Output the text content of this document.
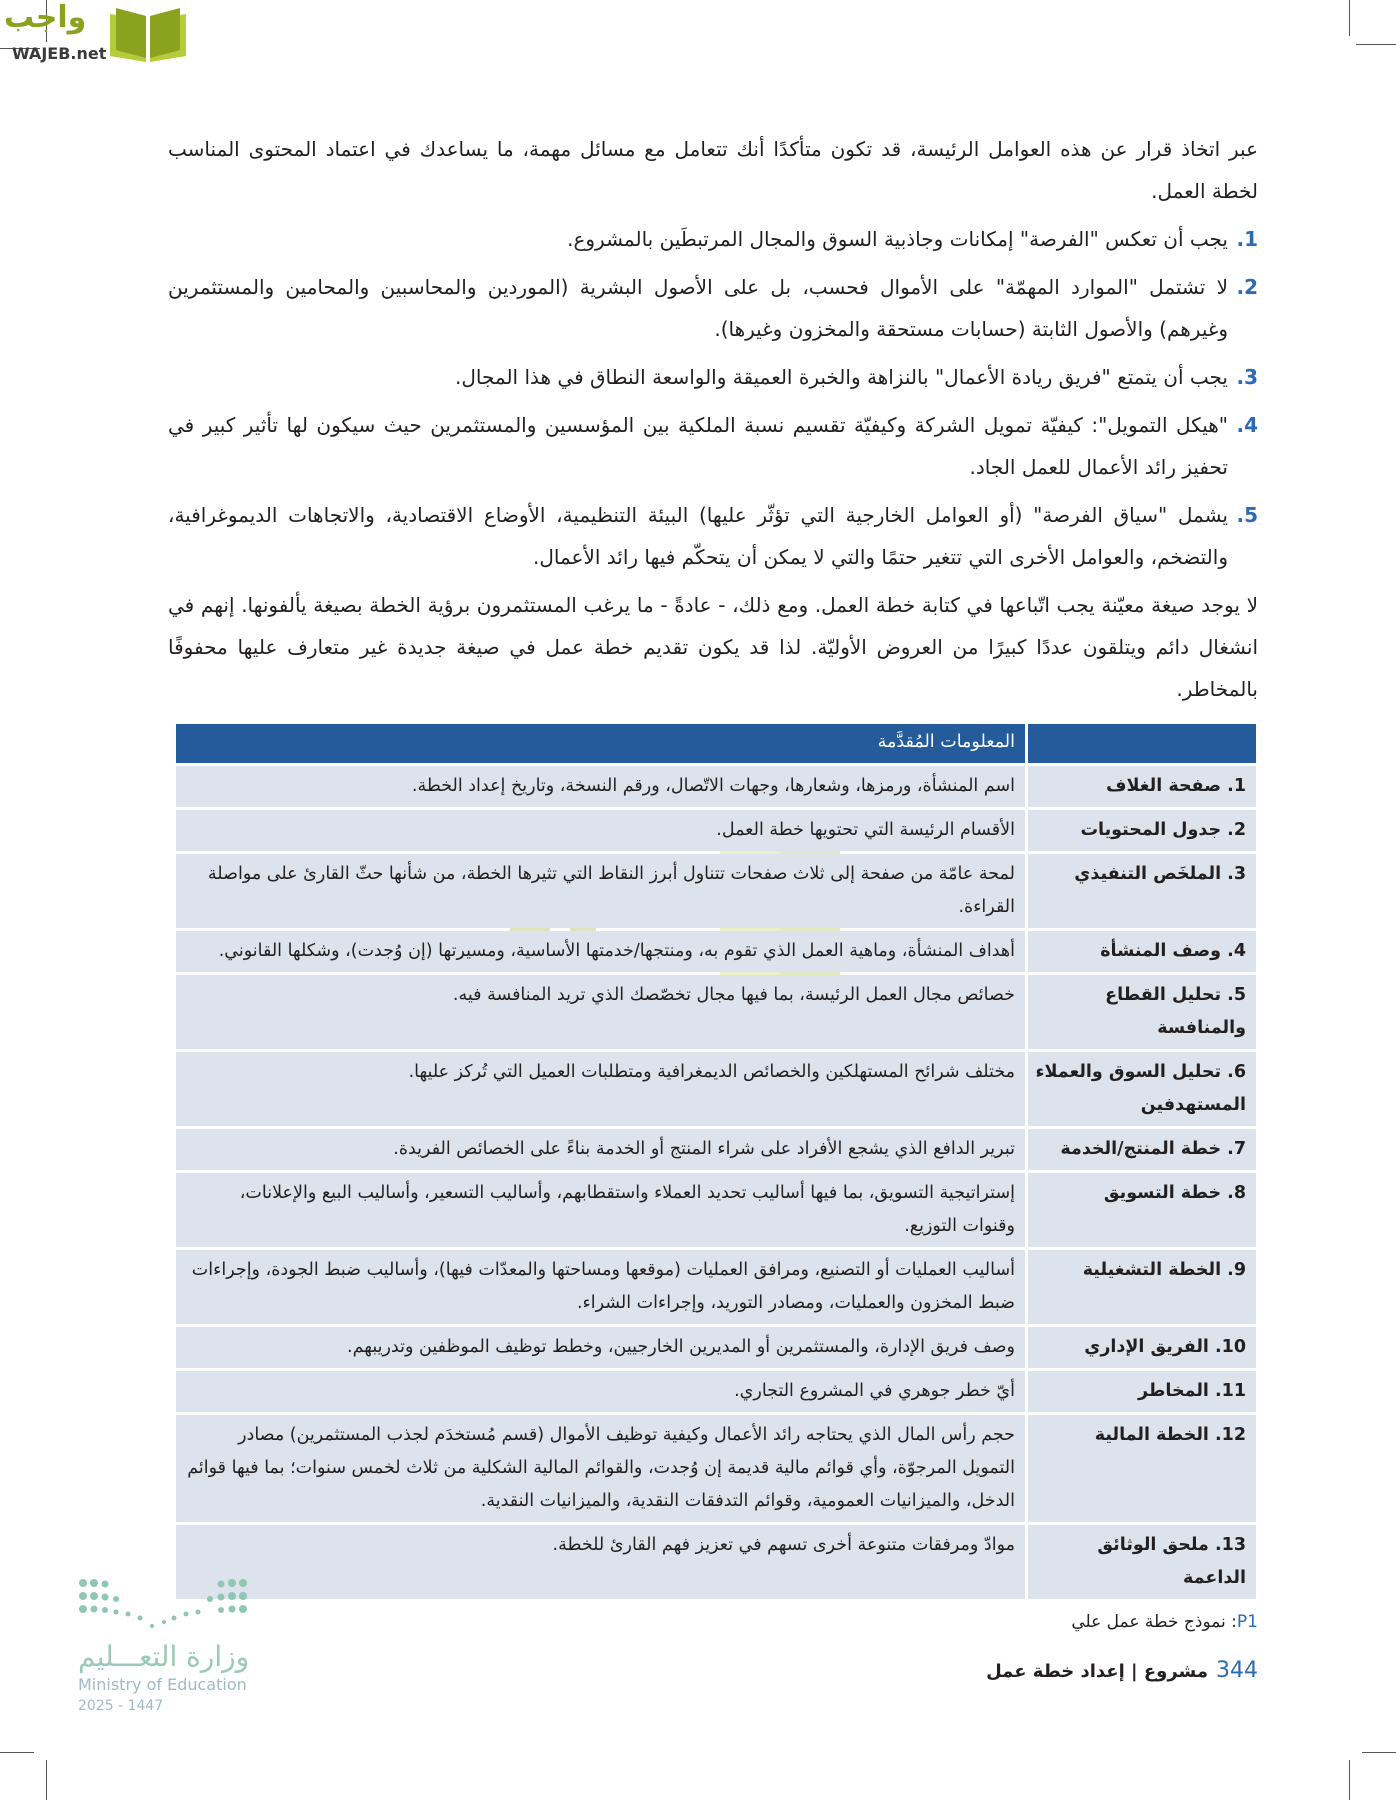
واجب
WAJEB.net

عبر اتخاذ قرار عن هذه العوامل الرئيسة، قد تكون متأكدًا أنك تتعامل مع مسائل مهمة، ما يساعدك في اعتماد المحتوى المناسب لخطة العمل.

1.
يجب أن تعكس "الفرصة" إمكانات وجاذبية السوق والمجال المرتبطَين بالمشروع.
2.
لا تشتمل "الموارد المهمّة" على الأموال فحسب، بل على الأصول البشرية (الموردين والمحاسبين والمحامين والمستثمرين وغيرهم) والأصول الثابتة (حسابات مستحقة والمخزون وغيرها).
3.
يجب أن يتمتع "فريق ريادة الأعمال" بالنزاهة والخبرة العميقة والواسعة النطاق في هذا المجال.
4.
"هيكل التمويل": كيفيّة تمويل الشركة وكيفيّة تقسيم نسبة الملكية بين المؤسسين والمستثمرين حيث سيكون لها تأثير كبير في تحفيز رائد الأعمال للعمل الجاد.
5.
يشمل "سياق الفرصة" (أو العوامل الخارجية التي تؤثّر عليها) البيئة التنظيمية، الأوضاع الاقتصادية، والاتجاهات الديموغرافية، والتضخم، والعوامل الأخرى التي تتغير حتمًا والتي لا يمكن أن يتحكّم فيها رائد الأعمال.

لا يوجد صيغة معيّنة يجب اتّباعها في كتابة خطة العمل. ومع ذلك، - عادةً - ما يرغب المستثمرون برؤية الخطة بصيغة يألفونها. إنهم في انشغال دائم ويتلقون عددًا كبيرًا من العروض الأوليّة. لذا قد يكون تقديم خطة عمل في صيغة جديدة غير متعارف عليها محفوفًا بالمخاطر.

المعلومات المُقدَّمة
1. صفحة الغلاف
اسم المنشأة، ورمزها، وشعارها، وجهات الاتّصال، ورقم النسخة، وتاريخ إعداد الخطة.
2. جدول المحتويات
الأقسام الرئيسة التي تحتويها خطة العمل.
3. الملخَص التنفيذي
لمحة عامّة من صفحة إلى ثلاث صفحات تتناول أبرز النقاط التي تثيرها الخطة، من شأنها حثّ القارئ على مواصلة القراءة.
4. وصف المنشأة
أهداف المنشأة، وماهية العمل الذي تقوم به، ومنتجها/خدمتها الأساسية، ومسيرتها (إن وُجدت)، وشكلها القانوني.
5. تحليل القطاع والمنافسة
خصائص مجال العمل الرئيسة، بما فيها مجال تخصّصك الذي تريد المنافسة فيه.
6. تحليل السوق والعملاء المستهدفين
مختلف شرائح المستهلكين والخصائص الديمغرافية ومتطلبات العميل التي تُركز عليها.
7. خطة المنتج/الخدمة
تبرير الدافع الذي يشجع الأفراد على شراء المنتج أو الخدمة بناءً على الخصائص الفريدة.
8. خطة التسويق
إستراتيجية التسويق، بما فيها أساليب تحديد العملاء واستقطابهم، وأساليب التسعير، وأساليب البيع والإعلانات، وقنوات التوزيع.
9. الخطة التشغيلية
أساليب العمليات أو التصنيع، ومرافق العمليات (موقعها ومساحتها والمعدّات فيها)، وأساليب ضبط الجودة، وإجراءات ضبط المخزون والعمليات، ومصادر التوريد، وإجراءات الشراء.
10. الفريق الإداري
وصف فريق الإدارة، والمستثمرين أو المديرين الخارجيين، وخطط توظيف الموظفين وتدريبهم.
11. المخاطر
أيّ خطر جوهري في المشروع التجاري.
12. الخطة المالية
حجم رأس المال الذي يحتاجه رائد الأعمال وكيفية توظيف الأموال (قسم مُستخدَم لجذب المستثمرين) مصادر التمويل المرجوّة، وأي قوائم مالية قديمة إن وُجدت، والقوائم المالية الشكلية من ثلاث لخمس سنوات؛ بما فيها قوائم الدخل، والميزانيات العمومية، وقوائم التدفقات النقدية، والميزانيات النقدية.
13. ملحق الوثائق الداعمة
موادّ ومرفقات متنوعة أخرى تسهم في تعزيز فهم القارئ للخطة.
P1: نموذج خطة عمل علي
344مشروع | إعداد خطة عمل
وزارة التعـــليم
Ministry of Education
2025 - 1447
